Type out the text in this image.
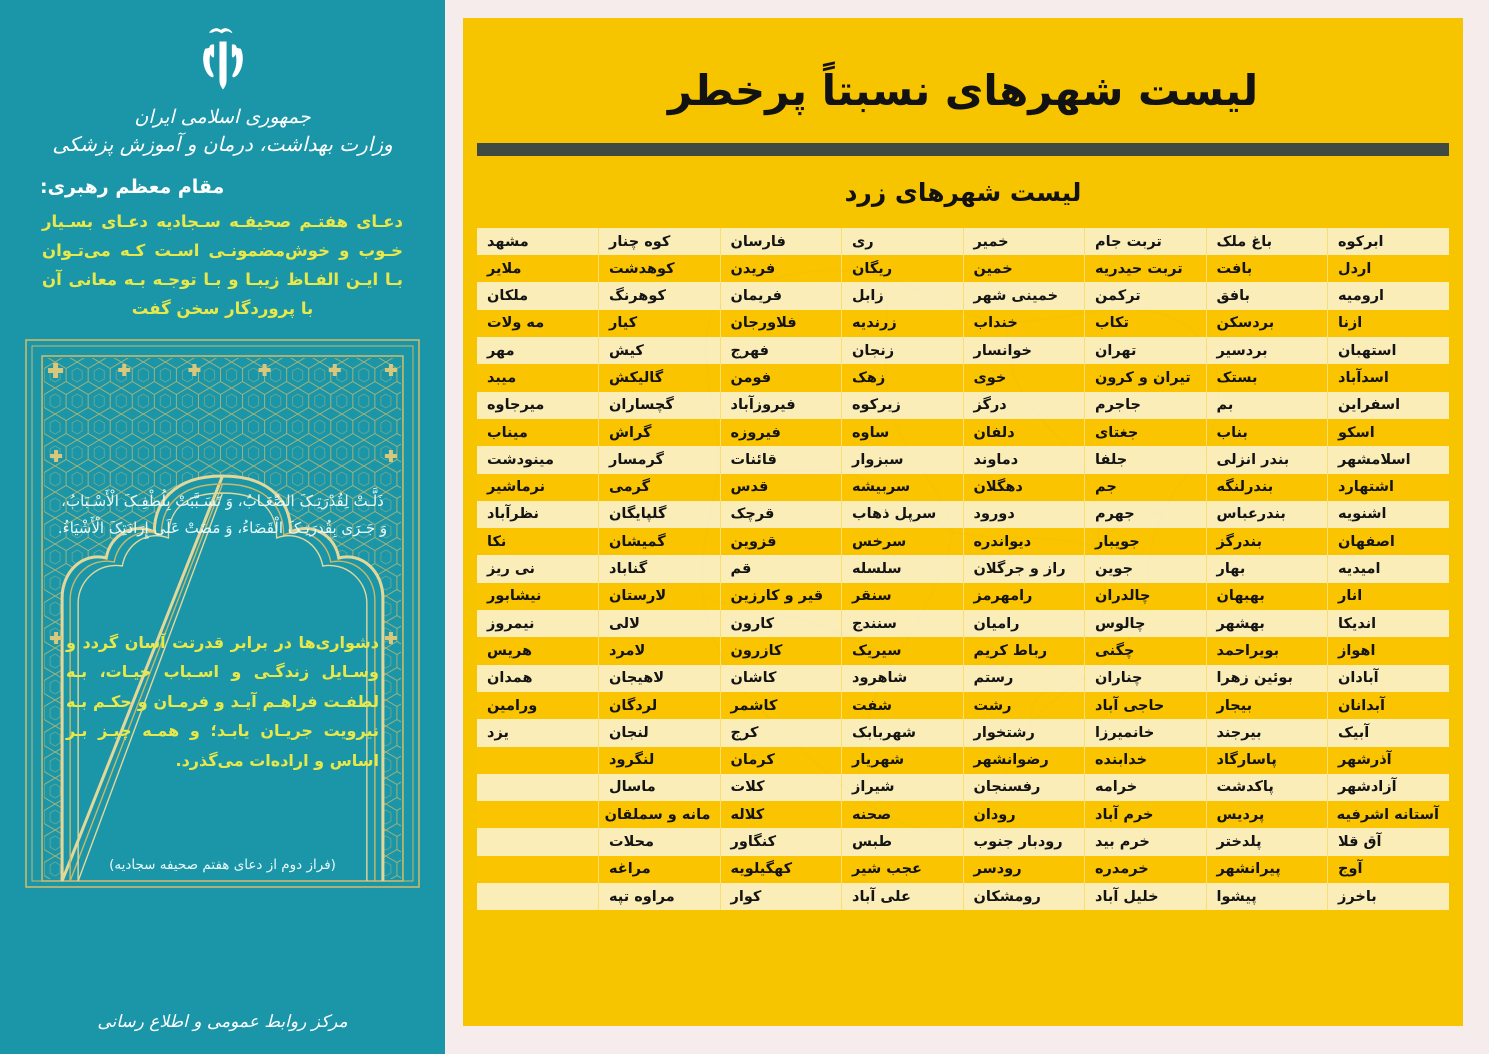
جمهوری اسلامی ایران
وزارت بهداشت، درمان و آموزش پزشکی
مقام معظم رهبری:
دعـای هفتـم صحیفـه سـجادیه دعـای بسـیار خـوب و خوش‌مضمونـی اسـت کـه می‌تـوان بـا ایـن الفـاظ زیبـا و بـا توجـه بـه معانی آن با پروردگار سخن گفت
ذَلَّـتْ لِقُدْرَتِـکَ الصِّعَـابُ، وَ تَسَـبَّبَتْ بِلُطْفِـکَ الْأَسْـبَابُ، وَ جَـرَی بِقُدرَتِـکَ الْقَضَاءُ، وَ مَضَتْ عَلَی إِرَادَتِکَ الْأَشْیَاءُ.
دشواری‌ها در برابر قدرتت آسان گردد و وسـایل زندگـی و اسـباب حیـات، بـه لطفـت فراهـم آیـد و فرمـان و حکـم بـه نیرویت جریـان یابـد؛ و همـه چیـز بـر اساس و اراده‌ات می‌گذرد.
(فراز دوم از دعای هفتم صحیفه سجادیه)
مرکز روابط عمومی و اطلاع رسانی
لیست شهرهای نسبتاً پرخطر
لیست شهرهای زرد
ابرکوه	باغ ملک	تربت جام	خمیر	ری	فارسان	کوه چنار	مشهد
اردل	بافت	تربت حیدریه	خمین	ریگان	فریدن	کوهدشت	ملایر
ارومیه	بافق	ترکمن	خمینی شهر	زابل	فریمان	کوهرنگ	ملکان
ازنا	بردسکن	تکاب	خنداب	زرندیه	فلاورجان	کیار	مه ولات
استهبان	بردسیر	تهران	خوانسار	زنجان	فهرج	کیش	مهر
اسدآباد	بستک	تیران و کرون	خوی	زهک	فومن	گالیکش	میبد
اسفراین	بم	جاجرم	درگز	زیرکوه	فیروزآباد	گچساران	میرجاوه
اسکو	بناب	جغتای	دلفان	ساوه	فیروزه	گراش	میناب
اسلامشهر	بندر انزلی	جلفا	دماوند	سبزوار	قائنات	گرمسار	مینودشت
اشتهارد	بندرلنگه	جم	دهگلان	سربیشه	قدس	گرمی	نرماشیر
اشنویه	بندرعباس	جهرم	دورود	سرپل ذهاب	قرچک	گلپایگان	نظرآباد
اصفهان	بندرگز	جویبار	دیواندره	سرخس	قزوین	گمیشان	نکا
امیدیه	بهار	جوین	راز و جرگلان	سلسله	قم	گناباد	نی ریز
انار	بهبهان	چالدران	رامهرمز	سنقر	قیر و کارزین	لارستان	نیشابور
اندیکا	بهشهر	چالوس	رامیان	سنندج	کارون	لالی	نیمروز
اهواز	بویراحمد	چگنی	رباط کریم	سیریک	کازرون	لامرد	هریس
آبادان	بوئین زهرا	چناران	رستم	شاهرود	کاشان	لاهیجان	همدان
آبدانان	بیجار	حاجی آباد	رشت	شفت	کاشمر	لردگان	ورامین
آبیک	بیرجند	خانمیرزا	رشتخوار	شهربابک	کرج	لنجان	یزد
آذرشهر	پاسارگاد	خدابنده	رضوانشهر	شهریار	کرمان	لنگرود	
آزادشهر	پاکدشت	خرامه	رفسنجان	شیراز	کلات	ماسال	
آستانه اشرفیه	پردیس	خرم آباد	رودان	صحنه	کلاله	مانه و سملقان	
آق قلا	پلدختر	خرم بید	رودبار جنوب	طبس	کنگاور	محلات	
آوج	پیرانشهر	خرمدره	رودسر	عجب شیر	کهگیلویه	مراغه	
باخرز	پیشوا	خلیل آباد	رومشکان	علی آباد	کوار	مراوه تپه	
